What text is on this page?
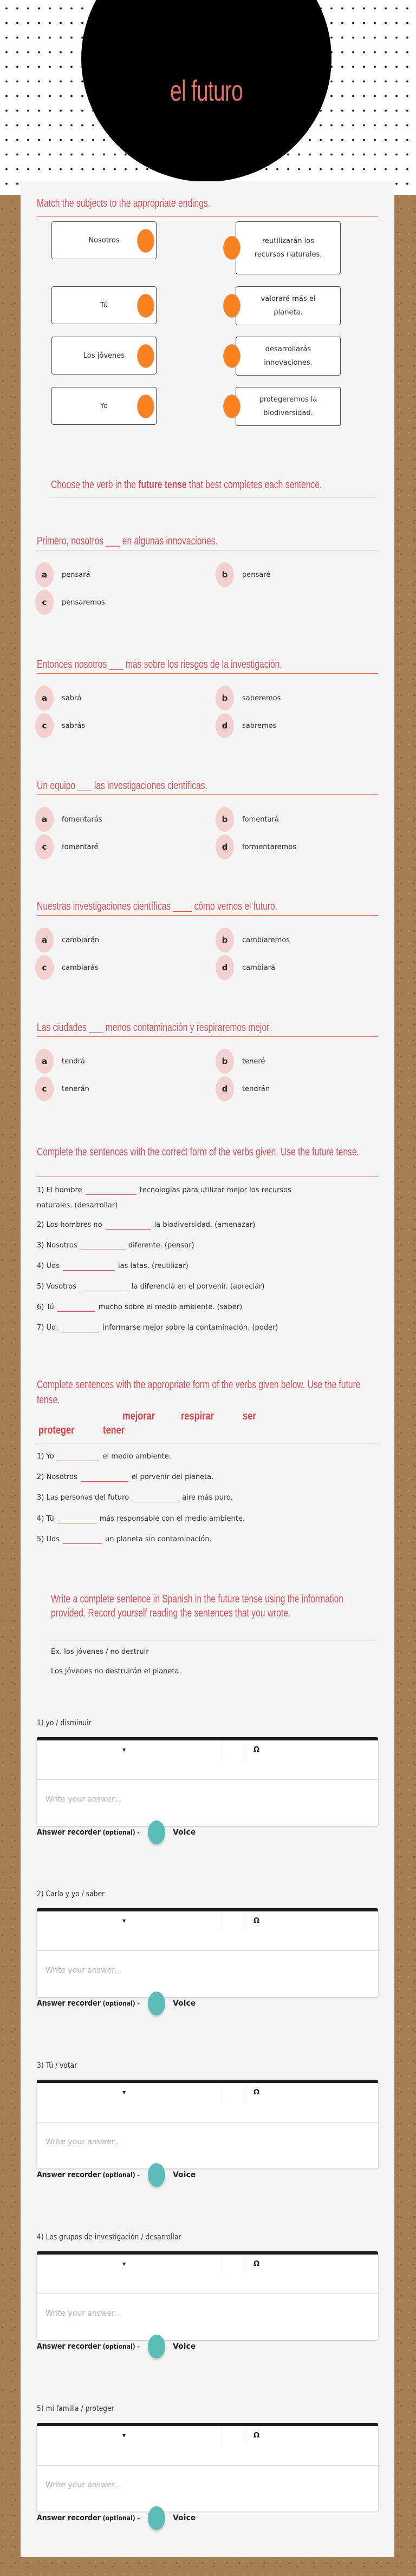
el futuro
Match the subjects to the appropriate endings.
Nosotros
Tú
Los jóvenes
Yo
reutilizarán los recursos naturales.
valoraré más el planeta.
desarrollarás innovaciones.
protegeremos la biodiversidad.
Choose the verb in the future tense that best completes each sentence.
Primero, nosotros ___ en algunas innovaciones.
a	pensará	b	pensaré
c	pensaremos
Entonces nosotros ___ más sobre los riesgos de la investigación.
a	sabrá	b	saberemos
c	sabrás	d	sabremos
Un equipo ___ las investigaciones científicas.
a	fomentarás	b	fomentará
c	fomentaré	d	formentaremos
Nuestras investigaciones científicas ____ cómo vemos el futuro.
a	cambiarán	b	cambiaremos
c	cambiarás	d	cambiará
Las ciudades ___ menos contaminación y respiraremos mejor.
a	tendrá	b	teneré
c	tenerán	d	tendrán
Complete the sentences with the correct form of the verbs given. Use the future tense.
1) El hombre	tecnologías para utilizar mejor los recursos
naturales. (desarrollar)
2) Los hombres no	la biodiversidad. (amenazar)
3) Nosotros	diferente. (pensar)
4) Uds	las latas. (reutilizar)
5) Vosotros	la diferencia en el porvenir. (apreciar)
6) Tú	mucho sobre el medio ambiente. (saber)
7) Ud.	informarse mejor sobre la contaminación. (poder)
Complete sentences with the appropriate form of the verbs given below. Use the future tense.
mejorar respirar	ser
proteger	tener
1) Yo	el medio ambiente.
2) Nosotros	el porvenir del planeta.
3) Las personas del futuro	aire más puro.
4) Tú	más responsable con el medio ambiente.
5) Uds	un planeta sin contaminación.
Write a complete sentence in Spanish in the future tense using the information provided. Record yourself reading the sentences that you wrote.
Ex. los jóvenes / no destruir
Los jóvenes no destruirán el planeta.
1) yo / disminuir
▼	Ω
Write your answer...
Answer recorder (optional) -	Voice
2) Carla y yo / saber
▼	Ω
Write your answer...
Answer recorder (optional) -	Voice
3) Tú / votar
▼	Ω
Write your answer...
Answer recorder (optional) -	Voice
4) Los grupos de investigación / desarrollar
▼	Ω
Write your answer...
Answer recorder (optional) -	Voice
5) mi familia / proteger
▼	Ω
Write your answer...
Answer recorder (optional) -	Voice
